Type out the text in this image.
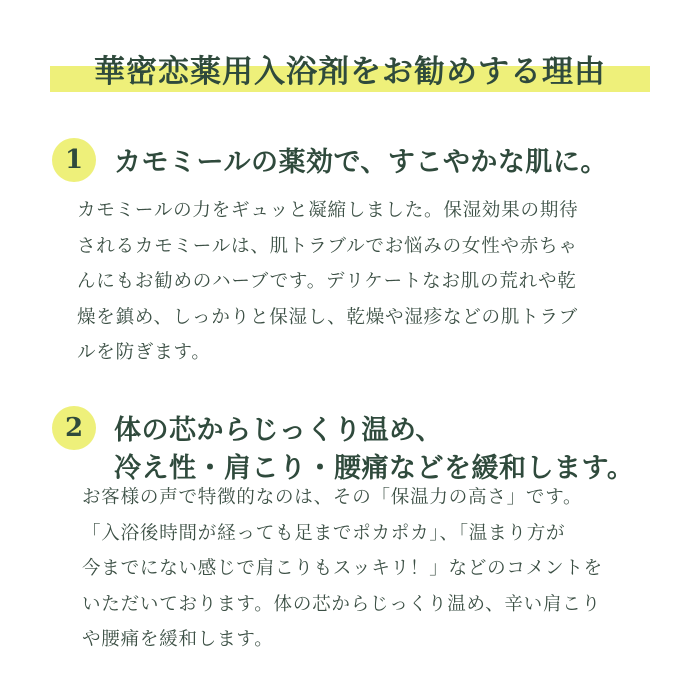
華密恋薬用入浴剤をお勧めする理由
1	カモミールの薬効で、すこやかな肌に。
カモミールの力をギュッと凝縮しました。保湿効果の期待
されるカモミールは、肌トラブルでお悩みの女性や赤ちゃ
んにもお勧めのハーブです。デリケートなお肌の荒れや乾
燥を鎮め、しっかりと保湿し、乾燥や湿疹などの肌トラブ
ルを防ぎます。
2	体の芯からじっくり温め、
冷え性・肩こり・腰痛などを緩和します。
お客様の声で特徴的なのは、その「保温力の高さ」です。
「入浴後時間が経っても足までポカポカ」、「温まり方が
今までにない感じで肩こりもスッキリ！」などのコメントを
いただいております。体の芯からじっくり温め、辛い肩こり
や腰痛を緩和します。
